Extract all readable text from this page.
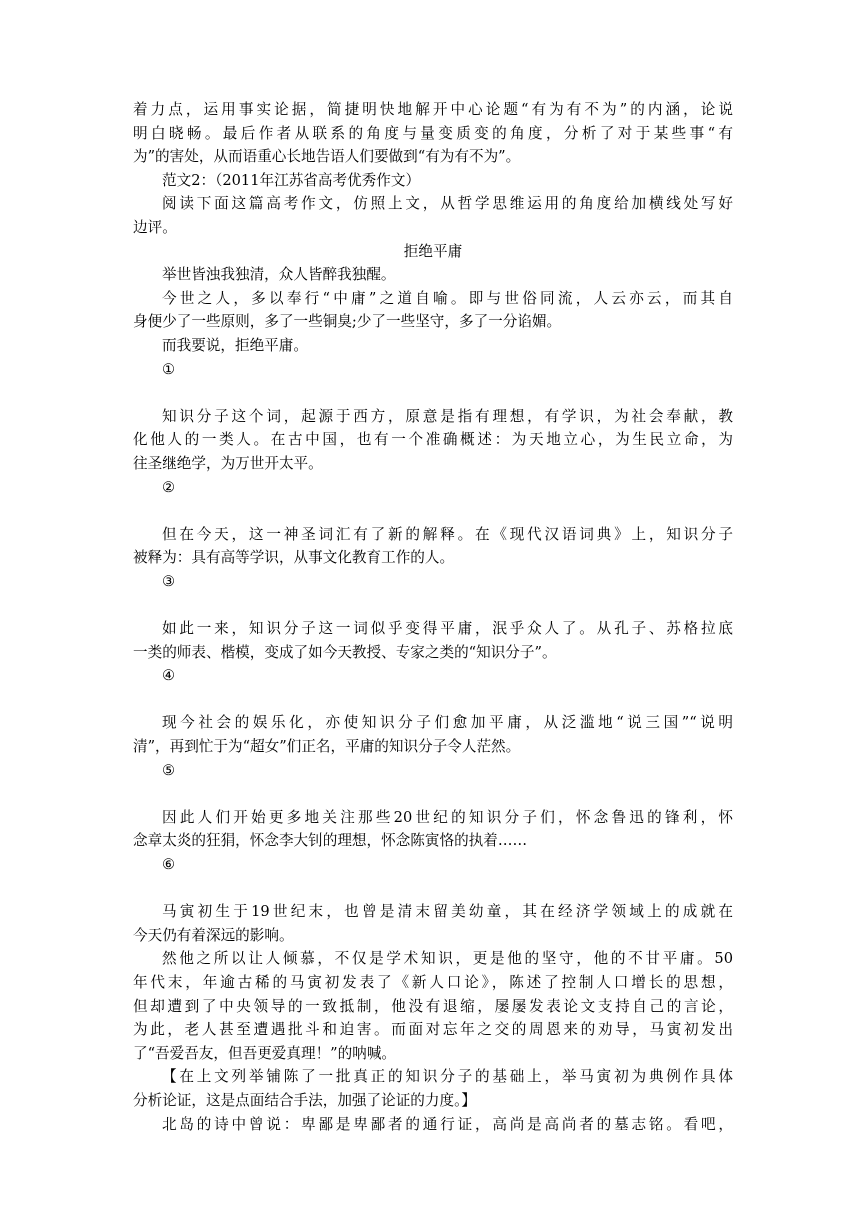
着力点，运用事实论据，简捷明快地解开中心论题“有为有不为”的内涵，论说
明白晓畅。最后作者从联系的角度与量变质变的角度，分析了对于某些事“有
为”的害处，从而语重心长地告语人们要做到“有为有不为”。
范文2：（2011年江苏省高考优秀作文）
阅读下面这篇高考作文，仿照上文，从哲学思维运用的角度给加横线处写好
边评。
拒绝平庸
举世皆浊我独清，众人皆醉我独醒。
今世之人，多以奉行“中庸”之道自喻。即与世俗同流，人云亦云，而其自
身便少了一些原则，多了一些铜臭;少了一些坚守，多了一分谄媚。
而我要说，拒绝平庸。
①
知识分子这个词，起源于西方，原意是指有理想，有学识，为社会奉献，教
化他人的一类人。在古中国，也有一个准确概述：为天地立心，为生民立命，为
往圣继绝学，为万世开太平。
②
但在今天，这一神圣词汇有了新的解释。在《现代汉语词典》上，知识分子
被释为：具有高等学识，从事文化教育工作的人。
③
如此一来，知识分子这一词似乎变得平庸，泯乎众人了。从孔子、苏格拉底
一类的师表、楷模，变成了如今天教授、专家之类的“知识分子”。
④
现今社会的娱乐化，亦使知识分子们愈加平庸，从泛滥地“说三国”“说明
清”，再到忙于为“超女”们正名，平庸的知识分子令人茫然。
⑤
因此人们开始更多地关注那些20世纪的知识分子们，怀念鲁迅的锋利，怀
念章太炎的狂狷，怀念李大钊的理想，怀念陈寅恪的执着……
⑥
马寅初生于19世纪末，也曾是清末留美幼童，其在经济学领域上的成就在
今天仍有着深远的影响。
然他之所以让人倾慕，不仅是学术知识，更是他的坚守，他的不甘平庸。50
年代末，年逾古稀的马寅初发表了《新人口论》，陈述了控制人口增长的思想，
但却遭到了中央领导的一致抵制，他没有退缩，屡屡发表论文支持自己的言论，
为此，老人甚至遭遇批斗和迫害。而面对忘年之交的周恩来的劝导，马寅初发出
了“吾爱吾友，但吾更爱真理！”的呐喊。
【在上文列举铺陈了一批真正的知识分子的基础上，举马寅初为典例作具体
分析论证，这是点面结合手法，加强了论证的力度。】
北岛的诗中曾说：卑鄙是卑鄙者的通行证，高尚是高尚者的墓志铭。看吧，
